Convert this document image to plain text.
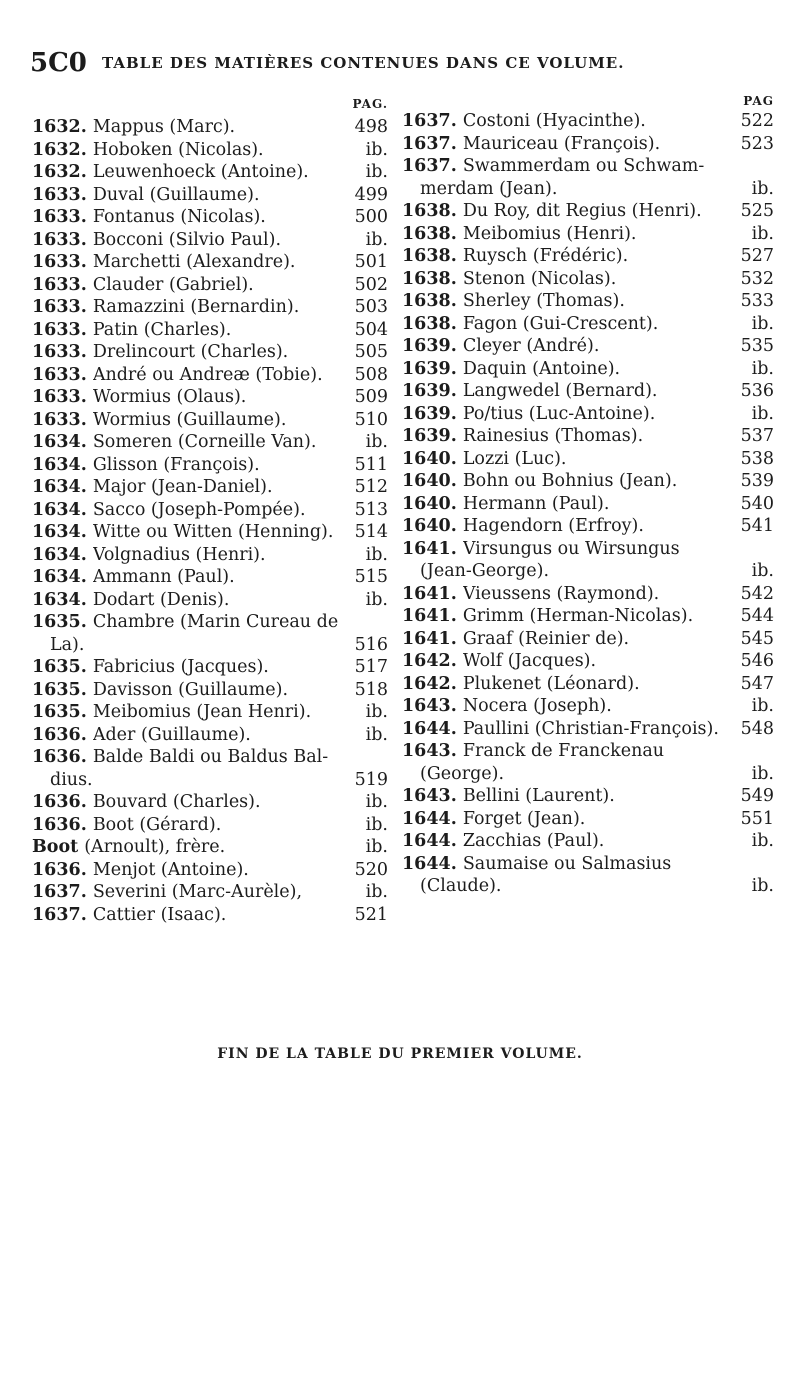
5C0 TABLE DES MATIÈRES CONTENUES DANS CE VOLUME.
PAG.
1632. Mappus (Marc).	498
1632. Hoboken (Nicolas).	ib.
1632. Leuwenhoeck (Antoine).	ib.
1633. Duval (Guillaume).	499
1633. Fontanus (Nicolas).	500
1633. Bocconi (Silvio Paul).	ib.
1633. Marchetti (Alexandre).	501
1633. Clauder (Gabriel).	502
1633. Ramazzini (Bernardin).	503
1633. Patin (Charles).	504
1633. Drelincourt (Charles).	505
1633. André ou Andreæ (Tobie).	508
1633. Wormius (Olaus).	509
1633. Wormius (Guillaume).	510
1634. Someren (Corneille Van).	ib.
1634. Glisson (François).	511
1634. Major (Jean-Daniel).	512
1634. Sacco (Joseph-Pompée).	513
1634. Witte ou Witten (Henning).	514
1634. Volgnadius (Henri).	ib.
1634. Ammann (Paul).	515
1634. Dodart (Denis).	ib.
1635. Chambre (Marin Cureau de
La).	516
1635. Fabricius (Jacques).	517
1635. Davisson (Guillaume).	518
1635. Meibomius (Jean Henri).	ib.
1636. Ader (Guillaume).	ib.
1636. Balde Baldi ou Baldus Bal-
dius.	519
1636. Bouvard (Charles).	ib.
1636. Boot (Gérard).	ib.
Boot (Arnoult), frère.	ib.
1636. Menjot (Antoine).	520
1637. Severini (Marc-Aurèle),	ib.
1637. Cattier (Isaac).	521
PAG
1637. Costoni (Hyacinthe).	522
1637. Mauriceau (François).	523
1637. Swammerdam ou Schwam-
merdam (Jean).	ib.
1638. Du Roy, dit Regius (Henri).	525
1638. Meibomius (Henri).	ib.
1638. Ruysch (Frédéric).	527
1638. Stenon (Nicolas).	532
1638. Sherley (Thomas).	533
1638. Fagon (Gui-Crescent).	ib.
1639. Cleyer (André).	535
1639. Daquin (Antoine).	ib.
1639. Langwedel (Bernard).	536
1639. Po/tius (Luc-Antoine).	ib.
1639. Rainesius (Thomas).	537
1640. Lozzi (Luc).	538
1640. Bohn ou Bohnius (Jean).	539
1640. Hermann (Paul).	540
1640. Hagendorn (Erfroy).	541
1641. Virsungus ou Wirsungus
(Jean-George).	ib.
1641. Vieussens (Raymond).	542
1641. Grimm (Herman-Nicolas).	544
1641. Graaf (Reinier de).	545
1642. Wolf (Jacques).	546
1642. Plukenet (Léonard).	547
1643. Nocera (Joseph).	ib.
1644. Paullini (Christian-François).	548
1643. Franck de Franckenau
(George).	ib.
1643. Bellini (Laurent).	549
1644. Forget (Jean).	551
1644. Zacchias (Paul).	ib.
1644. Saumaise ou Salmasius
(Claude).	ib.
FIN DE LA TABLE DU PREMIER VOLUME.
